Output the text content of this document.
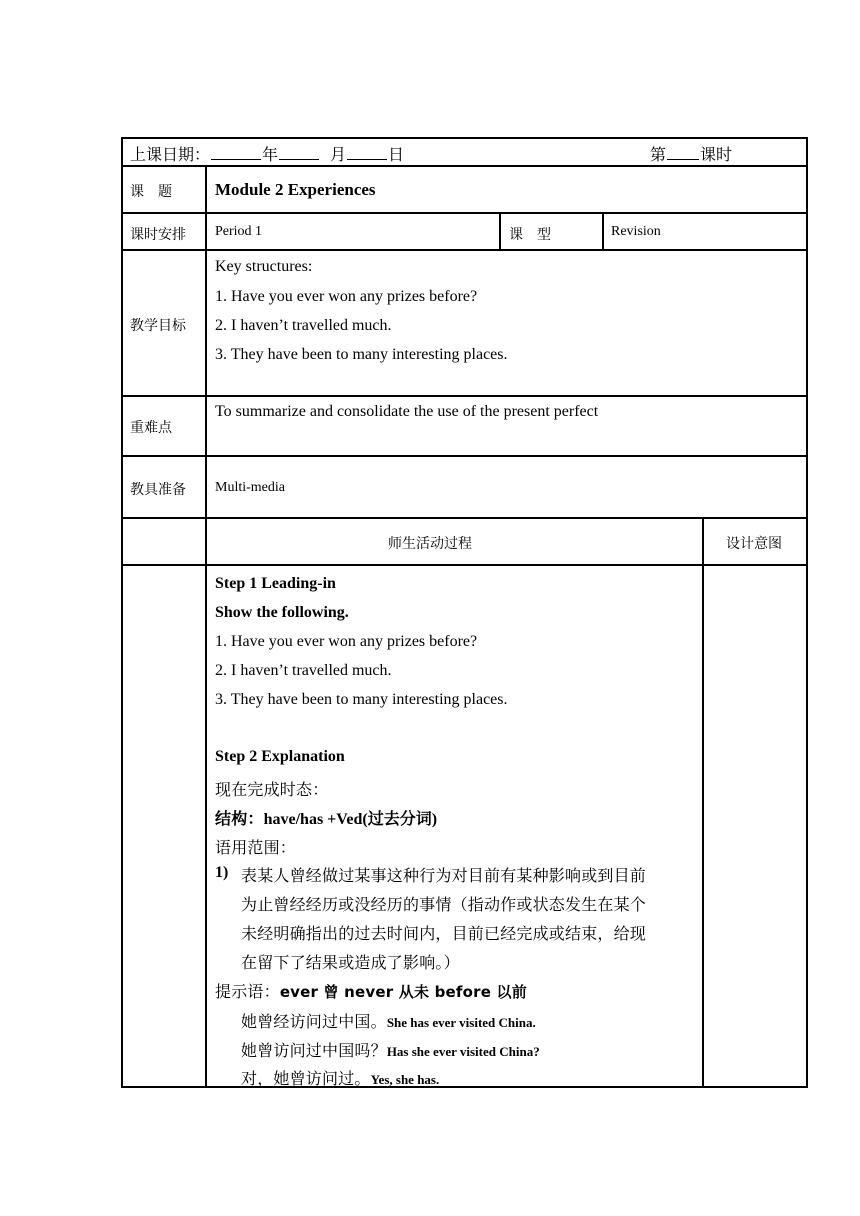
上课日期：	年	月	日	第 课时
课　题	Module 2 Experiences
课时安排 Period 1	课　型	Revision
教学目标
Key structures:
1. Have you ever won any prizes before?
2. I haven’t travelled much.
3. They have been to many interesting places.
重难点
To summarize and consolidate the use of the present perfect
教具准备 Multi-media
师生活动过程	设计意图
Step 1 Leading-in
Show the following.
1. Have you ever won any prizes before?
2. I haven’t travelled much.
3. They have been to many interesting places.
Step 2 Explanation
现在完成时态：
结构：have/has +Ved(过去分词)
语用范围：
1) 表某人曾经做过某事这种行为对目前有某种影响或到目前
为止曾经经历或没经历的事情（指动作或状态发生在某个
未经明确指出的过去时间内，目前已经完成或结束，给现
在留下了结果或造成了影响。）
提示语：ever 曾 never 从未 before 以前
她曾经访问过中国。She has ever visited China.
她曾访问过中国吗？Has she ever visited China?
对，她曾访问过。Yes, she has.
